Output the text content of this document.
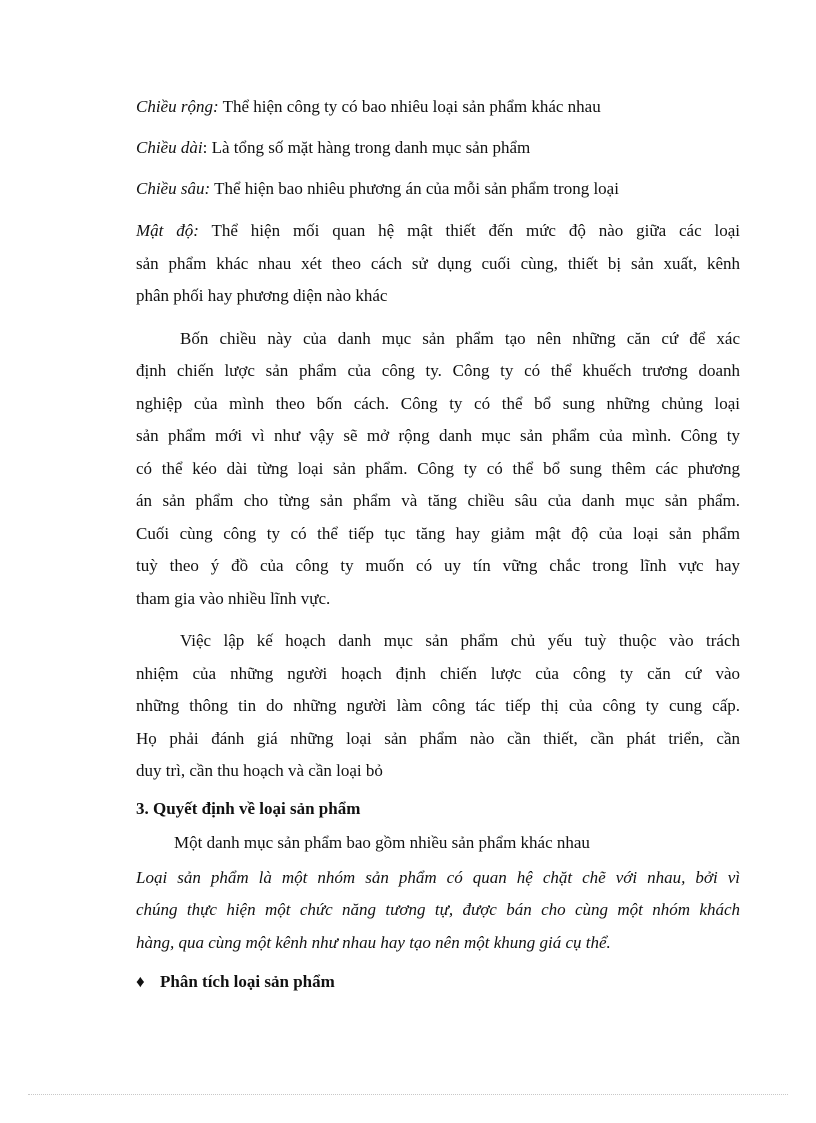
Chiều rộng: Thể hiện công ty có bao nhiêu loại sản phẩm khác nhau

Chiều dài: Là tổng số mặt hàng trong danh mục sản phẩm

Chiều sâu: Thể hiện bao nhiêu phương án của mỗi sản phẩm trong loại

Mật độ: Thể hiện mối quan hệ mật thiết đến mức độ nào giữa các loại

sản phẩm khác nhau xét theo cách sử dụng cuối cùng, thiết bị sản xuất, kênh

phân phối hay phương diện nào khác

Bốn chiều này của danh mục sản phẩm tạo nên những căn cứ để xác

định chiến lược sản phẩm của công ty. Công ty có thể khuếch trương doanh

nghiệp của mình theo bốn cách. Công ty có thể bổ sung những chủng loại

sản phẩm mới vì như vậy sẽ mở rộng danh mục sản phẩm của mình. Công ty

có thể kéo dài từng loại sản phẩm. Công ty có thể bổ sung thêm các phương

án sản phẩm cho từng sản phẩm và tăng chiều sâu của danh mục sản phẩm.

Cuối cùng công ty có thể tiếp tục tăng hay giảm mật độ của loại sản phẩm

tuỳ theo ý đồ của công ty muốn có uy tín vững chắc trong lĩnh vực hay

tham gia vào nhiều lĩnh vực.

Việc lập kế hoạch danh mục sản phẩm chủ yếu tuỳ thuộc vào trách

nhiệm của những người hoạch định chiến lược của công ty căn cứ vào

những thông tin do những người làm công tác tiếp thị của công ty cung cấp.

Họ phải đánh giá những loại sản phẩm nào cần thiết, cần phát triển, cần

duy trì, cần thu hoạch và cần loại bỏ

3. Quyết định về loại sản phẩm

Một danh mục sản phẩm bao gồm nhiều sản phẩm khác nhau

Loại sản phẩm là một nhóm sản phẩm có quan hệ chặt chẽ với nhau, bởi vì

chúng thực hiện một chức năng tương tự, được bán cho cùng một nhóm khách

hàng, qua cùng một kênh như nhau hay tạo nên một khung giá cụ thể.

♦ Phân tích loại sản phẩm
